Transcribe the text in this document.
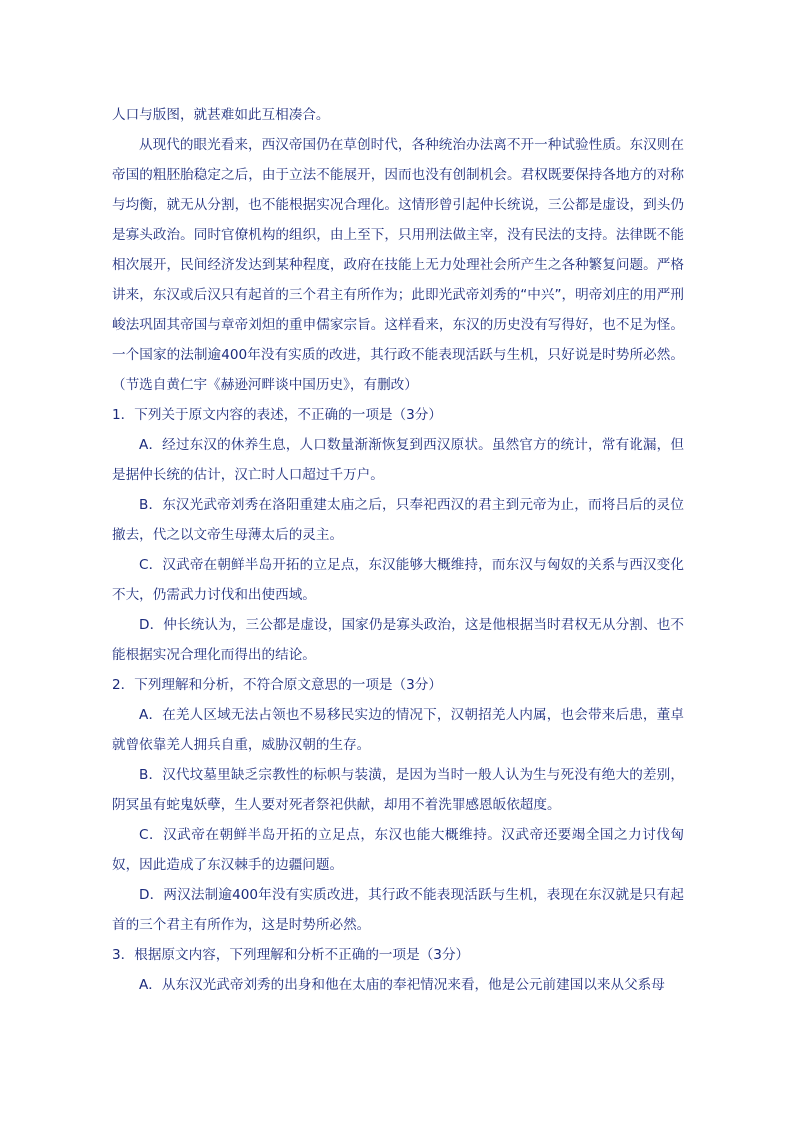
人口与版图，就甚难如此互相凑合。

从现代的眼光看来，西汉帝国仍在草创时代，各种统治办法离不开一种试验性质。东汉则在帝国的粗胚胎稳定之后，由于立法不能展开，因而也没有创制机会。君权既要保持各地方的对称与均衡，就无从分割，也不能根据实况合理化。这情形曾引起仲长统说，三公都是虚设，到头仍是寡头政治。同时官僚机构的组织，由上至下，只用刑法做主宰，没有民法的支持。法律既不能相次展开，民间经济发达到某种程度，政府在技能上无力处理社会所产生之各种繁复问题。严格讲来，东汉或后汉只有起首的三个君主有所作为；此即光武帝刘秀的“中兴”，明帝刘庄的用严刑峻法巩固其帝国与章帝刘炟的重申儒家宗旨。这样看来，东汉的历史没有写得好，也不足为怪。一个国家的法制逾400年没有实质的改进，其行政不能表现活跃与生机，只好说是时势所必然。 （节选自黄仁宇《赫逊河畔谈中国历史》，有删改）

1．下列关于原文内容的表述，不正确的一项是（3分）

A．经过东汉的休养生息，人口数量渐渐恢复到西汉原状。虽然官方的统计，常有讹漏，但是据仲长统的估计，汉亡时人口超过千万户。

B．东汉光武帝刘秀在洛阳重建太庙之后，只奉祀西汉的君主到元帝为止，而将吕后的灵位撤去，代之以文帝生母薄太后的灵主。

C．汉武帝在朝鲜半岛开拓的立足点，东汉能够大概维持，而东汉与匈奴的关系与西汉变化不大，仍需武力讨伐和出使西域。

D．仲长统认为，三公都是虚设，国家仍是寡头政治，这是他根据当时君权无从分割、也不能根据实况合理化而得出的结论。

2．下列理解和分析，不符合原文意思的一项是（3分）

A．在羌人区域无法占领也不易移民实边的情况下，汉朝招羌人内属，也会带来后患，董卓就曾依靠羌人拥兵自重，威胁汉朝的生存。

B．汉代坟墓里缺乏宗教性的标帜与装潢，是因为当时一般人认为生与死没有绝大的差别，阴冥虽有蛇鬼妖孽，生人要对死者祭祀供献，却用不着洗罪感恩皈依超度。

C．汉武帝在朝鲜半岛开拓的立足点，东汉也能大概维持。汉武帝还要竭全国之力讨伐匈奴，因此造成了东汉棘手的边疆问题。

D．两汉法制逾400年没有实质改进，其行政不能表现活跃与生机，表现在东汉就是只有起首的三个君主有所作为，这是时势所必然。

3．根据原文内容，下列理解和分析不正确的一项是（3分）

A．从东汉光武帝刘秀的出身和他在太庙的奉祀情况来看，他是公元前建国以来从父系母
